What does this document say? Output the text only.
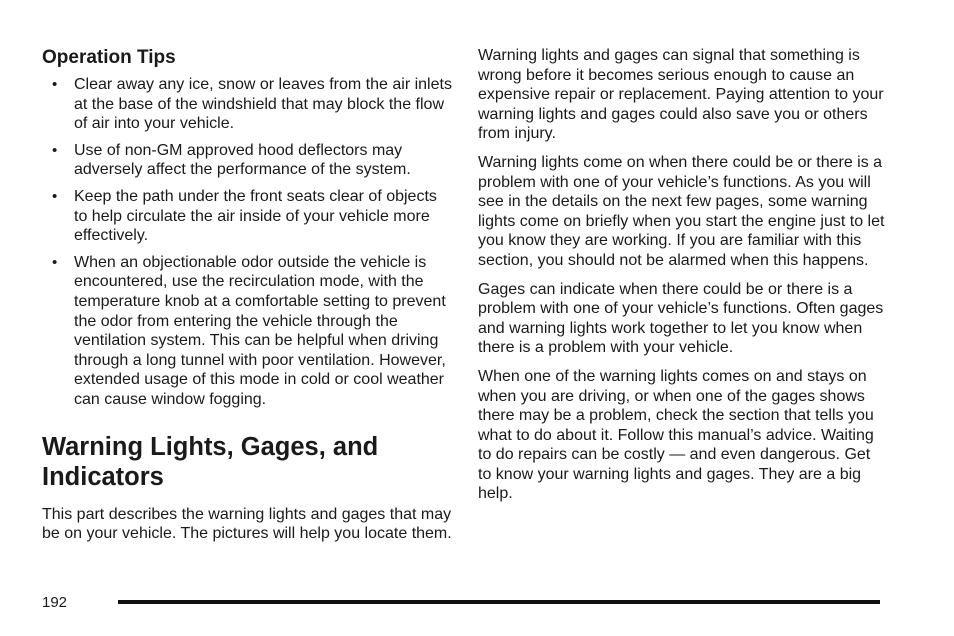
Operation Tips
• Clear away any ice, snow or leaves from the air inlets at the base of the windshield that may block the flow of air into your vehicle.
• Use of non-GM approved hood deflectors may adversely affect the performance of the system.
• Keep the path under the front seats clear of objects to help circulate the air inside of your vehicle more effectively.
• When an objectionable odor outside the vehicle is encountered, use the recirculation mode, with the temperature knob at a comfortable setting to prevent the odor from entering the vehicle through the ventilation system. This can be helpful when driving through a long tunnel with poor ventilation. However, extended usage of this mode in cold or cool weather can cause window fogging.
Warning Lights, Gages, and Indicators

This part describes the warning lights and gages that may be on your vehicle. The pictures will help you locate them.

Warning lights and gages can signal that something is wrong before it becomes serious enough to cause an expensive repair or replacement. Paying attention to your warning lights and gages could also save you or others from injury.

Warning lights come on when there could be or there is a problem with one of your vehicle’s functions. As you will see in the details on the next few pages, some warning lights come on briefly when you start the engine just to let you know they are working. If you are familiar with this section, you should not be alarmed when this happens.

Gages can indicate when there could be or there is a problem with one of your vehicle’s functions. Often gages and warning lights work together to let you know when there is a problem with your vehicle.

When one of the warning lights comes on and stays on when you are driving, or when one of the gages shows there may be a problem, check the section that tells you what to do about it. Follow this manual’s advice. Waiting to do repairs can be costly — and even dangerous. Get to know your warning lights and gages. They are a big help.

192
